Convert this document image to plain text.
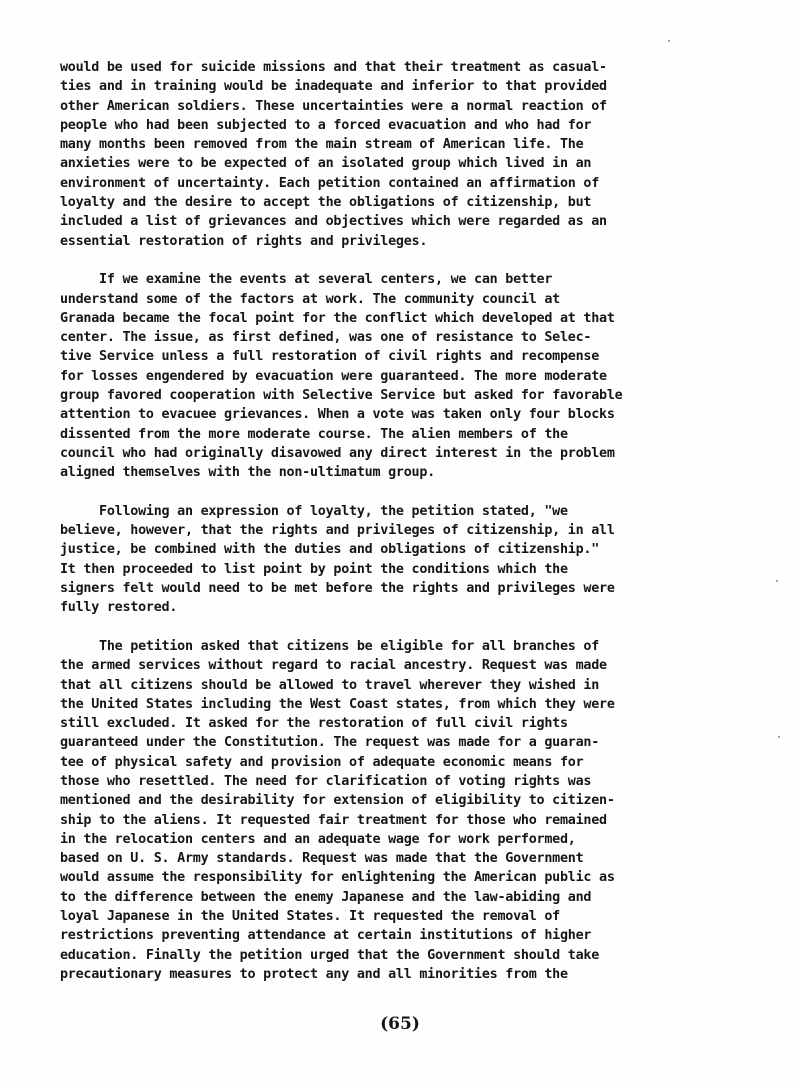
would be used for suicide missions and that their treatment as casual-
ties and in training would be inadequate and inferior to that provided
other American soldiers. These uncertainties were a normal reaction of
people who had been subjected to a forced evacuation and who had for
many months been removed from the main stream of American life. The
anxieties were to be expected of an isolated group which lived in an
environment of uncertainty. Each petition contained an affirmation of
loyalty and the desire to accept the obligations of citizenship, but
included a list of grievances and objectives which were regarded as an
essential restoration of rights and privileges.

If we examine the events at several centers, we can better
understand some of the factors at work. The community council at
Granada became the focal point for the conflict which developed at that
center. The issue, as first defined, was one of resistance to Selec-
tive Service unless a full restoration of civil rights and recompense
for losses engendered by evacuation were guaranteed. The more moderate
group favored cooperation with Selective Service but asked for favorable
attention to evacuee grievances. When a vote was taken only four blocks
dissented from the more moderate course. The alien members of the
council who had originally disavowed any direct interest in the problem
aligned themselves with the non-ultimatum group.

Following an expression of loyalty, the petition stated, "we
believe, however, that the rights and privileges of citizenship, in all
justice, be combined with the duties and obligations of citizenship."
It then proceeded to list point by point the conditions which the
signers felt would need to be met before the rights and privileges were
fully restored.

The petition asked that citizens be eligible for all branches of
the armed services without regard to racial ancestry. Request was made
that all citizens should be allowed to travel wherever they wished in
the United States including the West Coast states, from which they were
still excluded. It asked for the restoration of full civil rights
guaranteed under the Constitution. The request was made for a guaran-
tee of physical safety and provision of adequate economic means for
those who resettled. The need for clarification of voting rights was
mentioned and the desirability for extension of eligibility to citizen-
ship to the aliens. It requested fair treatment for those who remained
in the relocation centers and an adequate wage for work performed,
based on U. S. Army standards. Request was made that the Government
would assume the responsibility for enlightening the American public as
to the difference between the enemy Japanese and the law-abiding and
loyal Japanese in the United States. It requested the removal of
restrictions preventing attendance at certain institutions of higher
education. Finally the petition urged that the Government should take
precautionary measures to protect any and all minorities from the

(65)
